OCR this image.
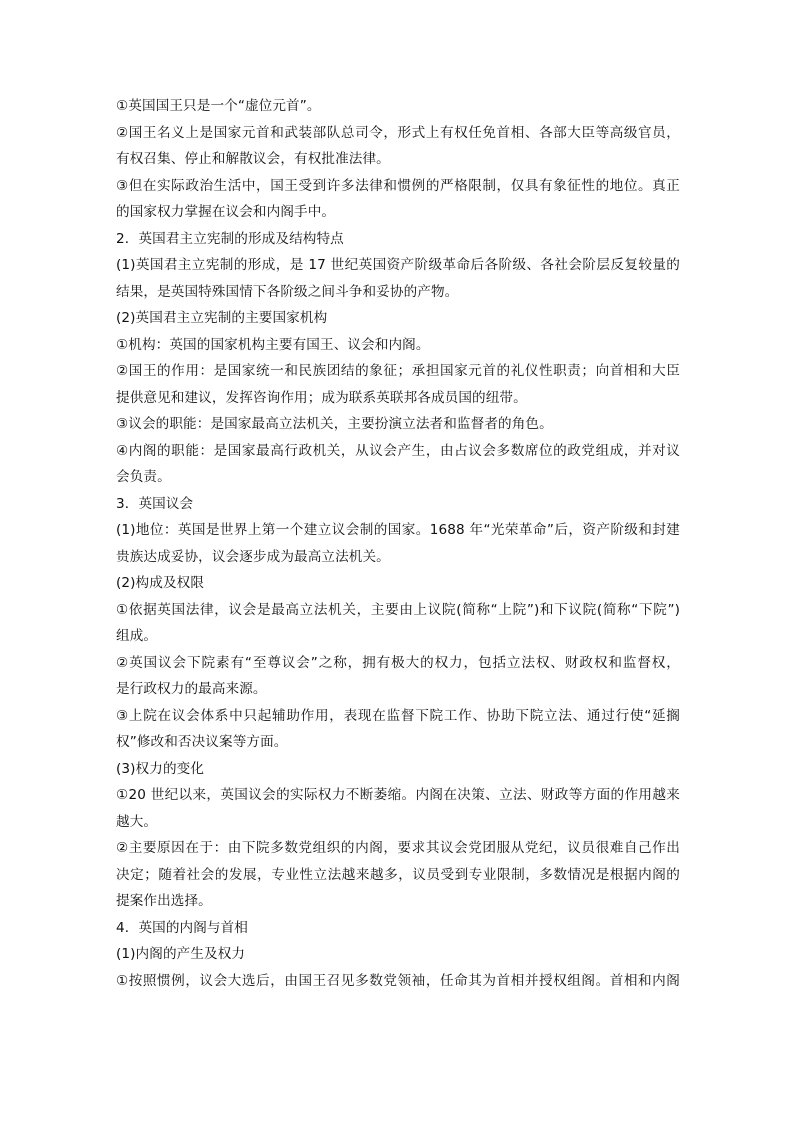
①英国国王只是一个“虚位元首”。
②国王名义上是国家元首和武装部队总司令，形式上有权任免首相、各部大臣等高级官员，
有权召集、停止和解散议会，有权批准法律。
③但在实际政治生活中，国王受到许多法律和惯例的严格限制，仅具有象征性的地位。真正
的国家权力掌握在议会和内阁手中。
2．英国君主立宪制的形成及结构特点
(1)英国君主立宪制的形成，是 17 世纪英国资产阶级革命后各阶级、各社会阶层反复较量的
结果，是英国特殊国情下各阶级之间斗争和妥协的产物。
(2)英国君主立宪制的主要国家机构
①机构：英国的国家机构主要有国王、议会和内阁。
②国王的作用：是国家统一和民族团结的象征；承担国家元首的礼仪性职责；向首相和大臣
提供意见和建议，发挥咨询作用；成为联系英联邦各成员国的纽带。
③议会的职能：是国家最高立法机关，主要扮演立法者和监督者的角色。
④内阁的职能：是国家最高行政机关，从议会产生，由占议会多数席位的政党组成，并对议
会负责。
3．英国议会
(1)地位：英国是世界上第一个建立议会制的国家。1688 年“光荣革命”后，资产阶级和封建
贵族达成妥协，议会逐步成为最高立法机关。
(2)构成及权限
①依据英国法律，议会是最高立法机关，主要由上议院(简称“上院”)和下议院(简称“下院”)
组成。
②英国议会下院素有“至尊议会”之称，拥有极大的权力，包括立法权、财政权和监督权，
是行政权力的最高来源。
③上院在议会体系中只起辅助作用，表现在监督下院工作、协助下院立法、通过行使“延搁
权”修改和否决议案等方面。
(3)权力的变化
①20 世纪以来，英国议会的实际权力不断萎缩。内阁在决策、立法、财政等方面的作用越来
越大。
②主要原因在于：由下院多数党组织的内阁，要求其议会党团服从党纪，议员很难自己作出
决定；随着社会的发展，专业性立法越来越多，议员受到专业限制，多数情况是根据内阁的
提案作出选择。
4．英国的内阁与首相
(1)内阁的产生及权力
①按照惯例，议会大选后，由国王召见多数党领袖，任命其为首相并授权组阁。首相和内阁
